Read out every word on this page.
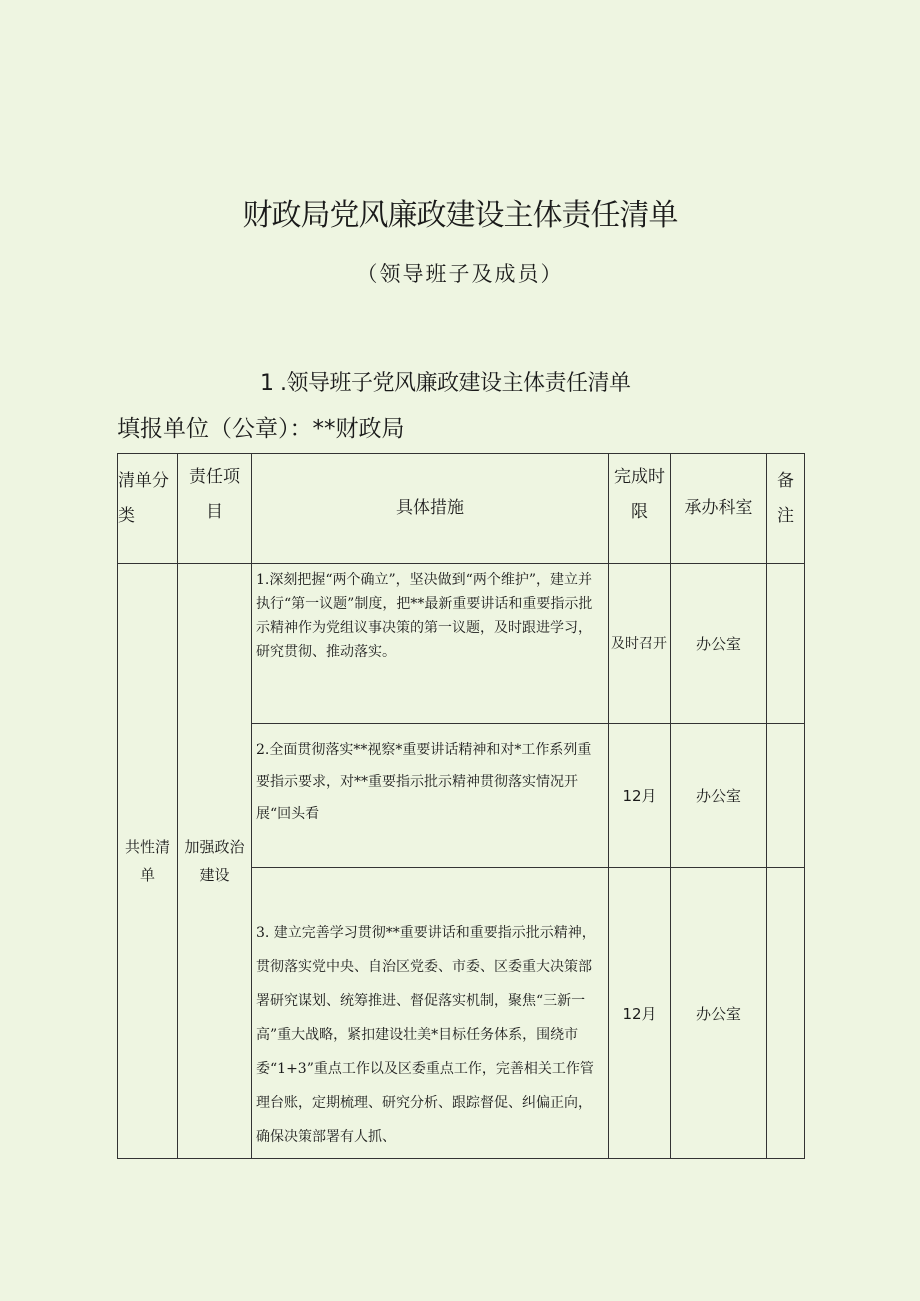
财政局党风廉政建设主体责任清单
（领导班子及成员）
1 .领导班子党风廉政建设主体责任清单
填报单位（公章）：**财政局
清单分类	责任项目	具体措施	完成时限	承办科室	备注
共性清单	加强政治建设	1.深刻把握“两个确立”，坚决做到“两个维护”，建立并执行“第一议题”制度，把**最新重要讲话和重要指示批示精神作为党组议事决策的第一议题，及时跟进学习，研究贯彻、推动落实。	及时召开	办公室	
		2.全面贯彻落实**视察*重要讲话精神和对*工作系列重要指示要求，对**重要指示批示精神贯彻落实情况开展“回头看	12月	办公室	
		3. 建立完善学习贯彻**重要讲话和重要指示批示精神，贯彻落实党中央、自治区党委、市委、区委重大决策部署研究谋划、统筹推进、督促落实机制，聚焦“三新一高”重大战略，紧扣建设壮美*目标任务体系，围绕市委“1+3”重点工作以及区委重点工作，完善相关工作管理台账，定期梳理、研究分析、跟踪督促、纠偏正向，确保决策部署有人抓、	12月	办公室	
